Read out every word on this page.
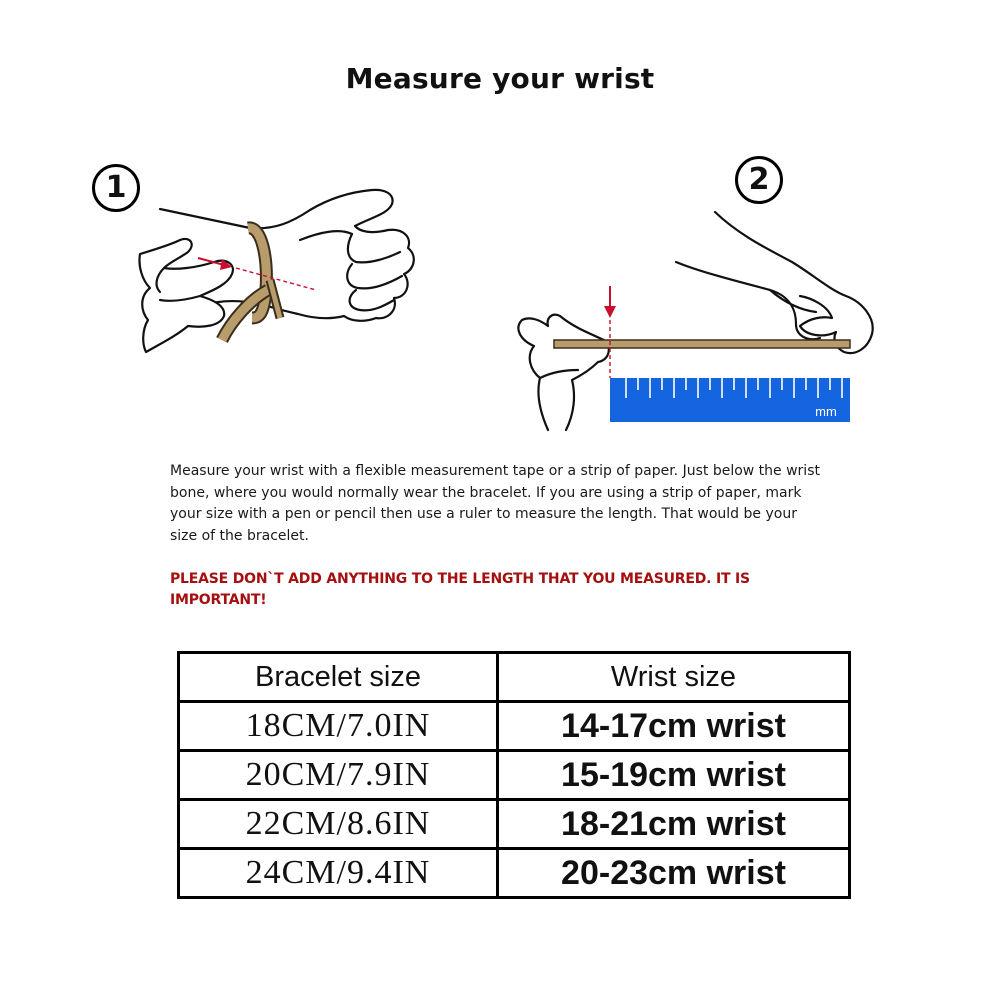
Measure your wrist
mm
1	2
Measure your wrist with a flexible measurement tape or a strip of paper. Just below the wrist bone, where you would normally wear the bracelet. If you are using a strip of paper, mark your size with a pen or pencil then use a ruler to measure the length. That would be your size of the bracelet.
PLEASE DON`T ADD ANYTHING TO THE LENGTH THAT YOU MEASURED. IT IS IMPORTANT!
Bracelet size	Wrist size
18CM/7.0IN	14-17cm wrist
20CM/7.9IN	15-19cm wrist
22CM/8.6IN	18-21cm wrist
24CM/9.4IN	20-23cm wrist
